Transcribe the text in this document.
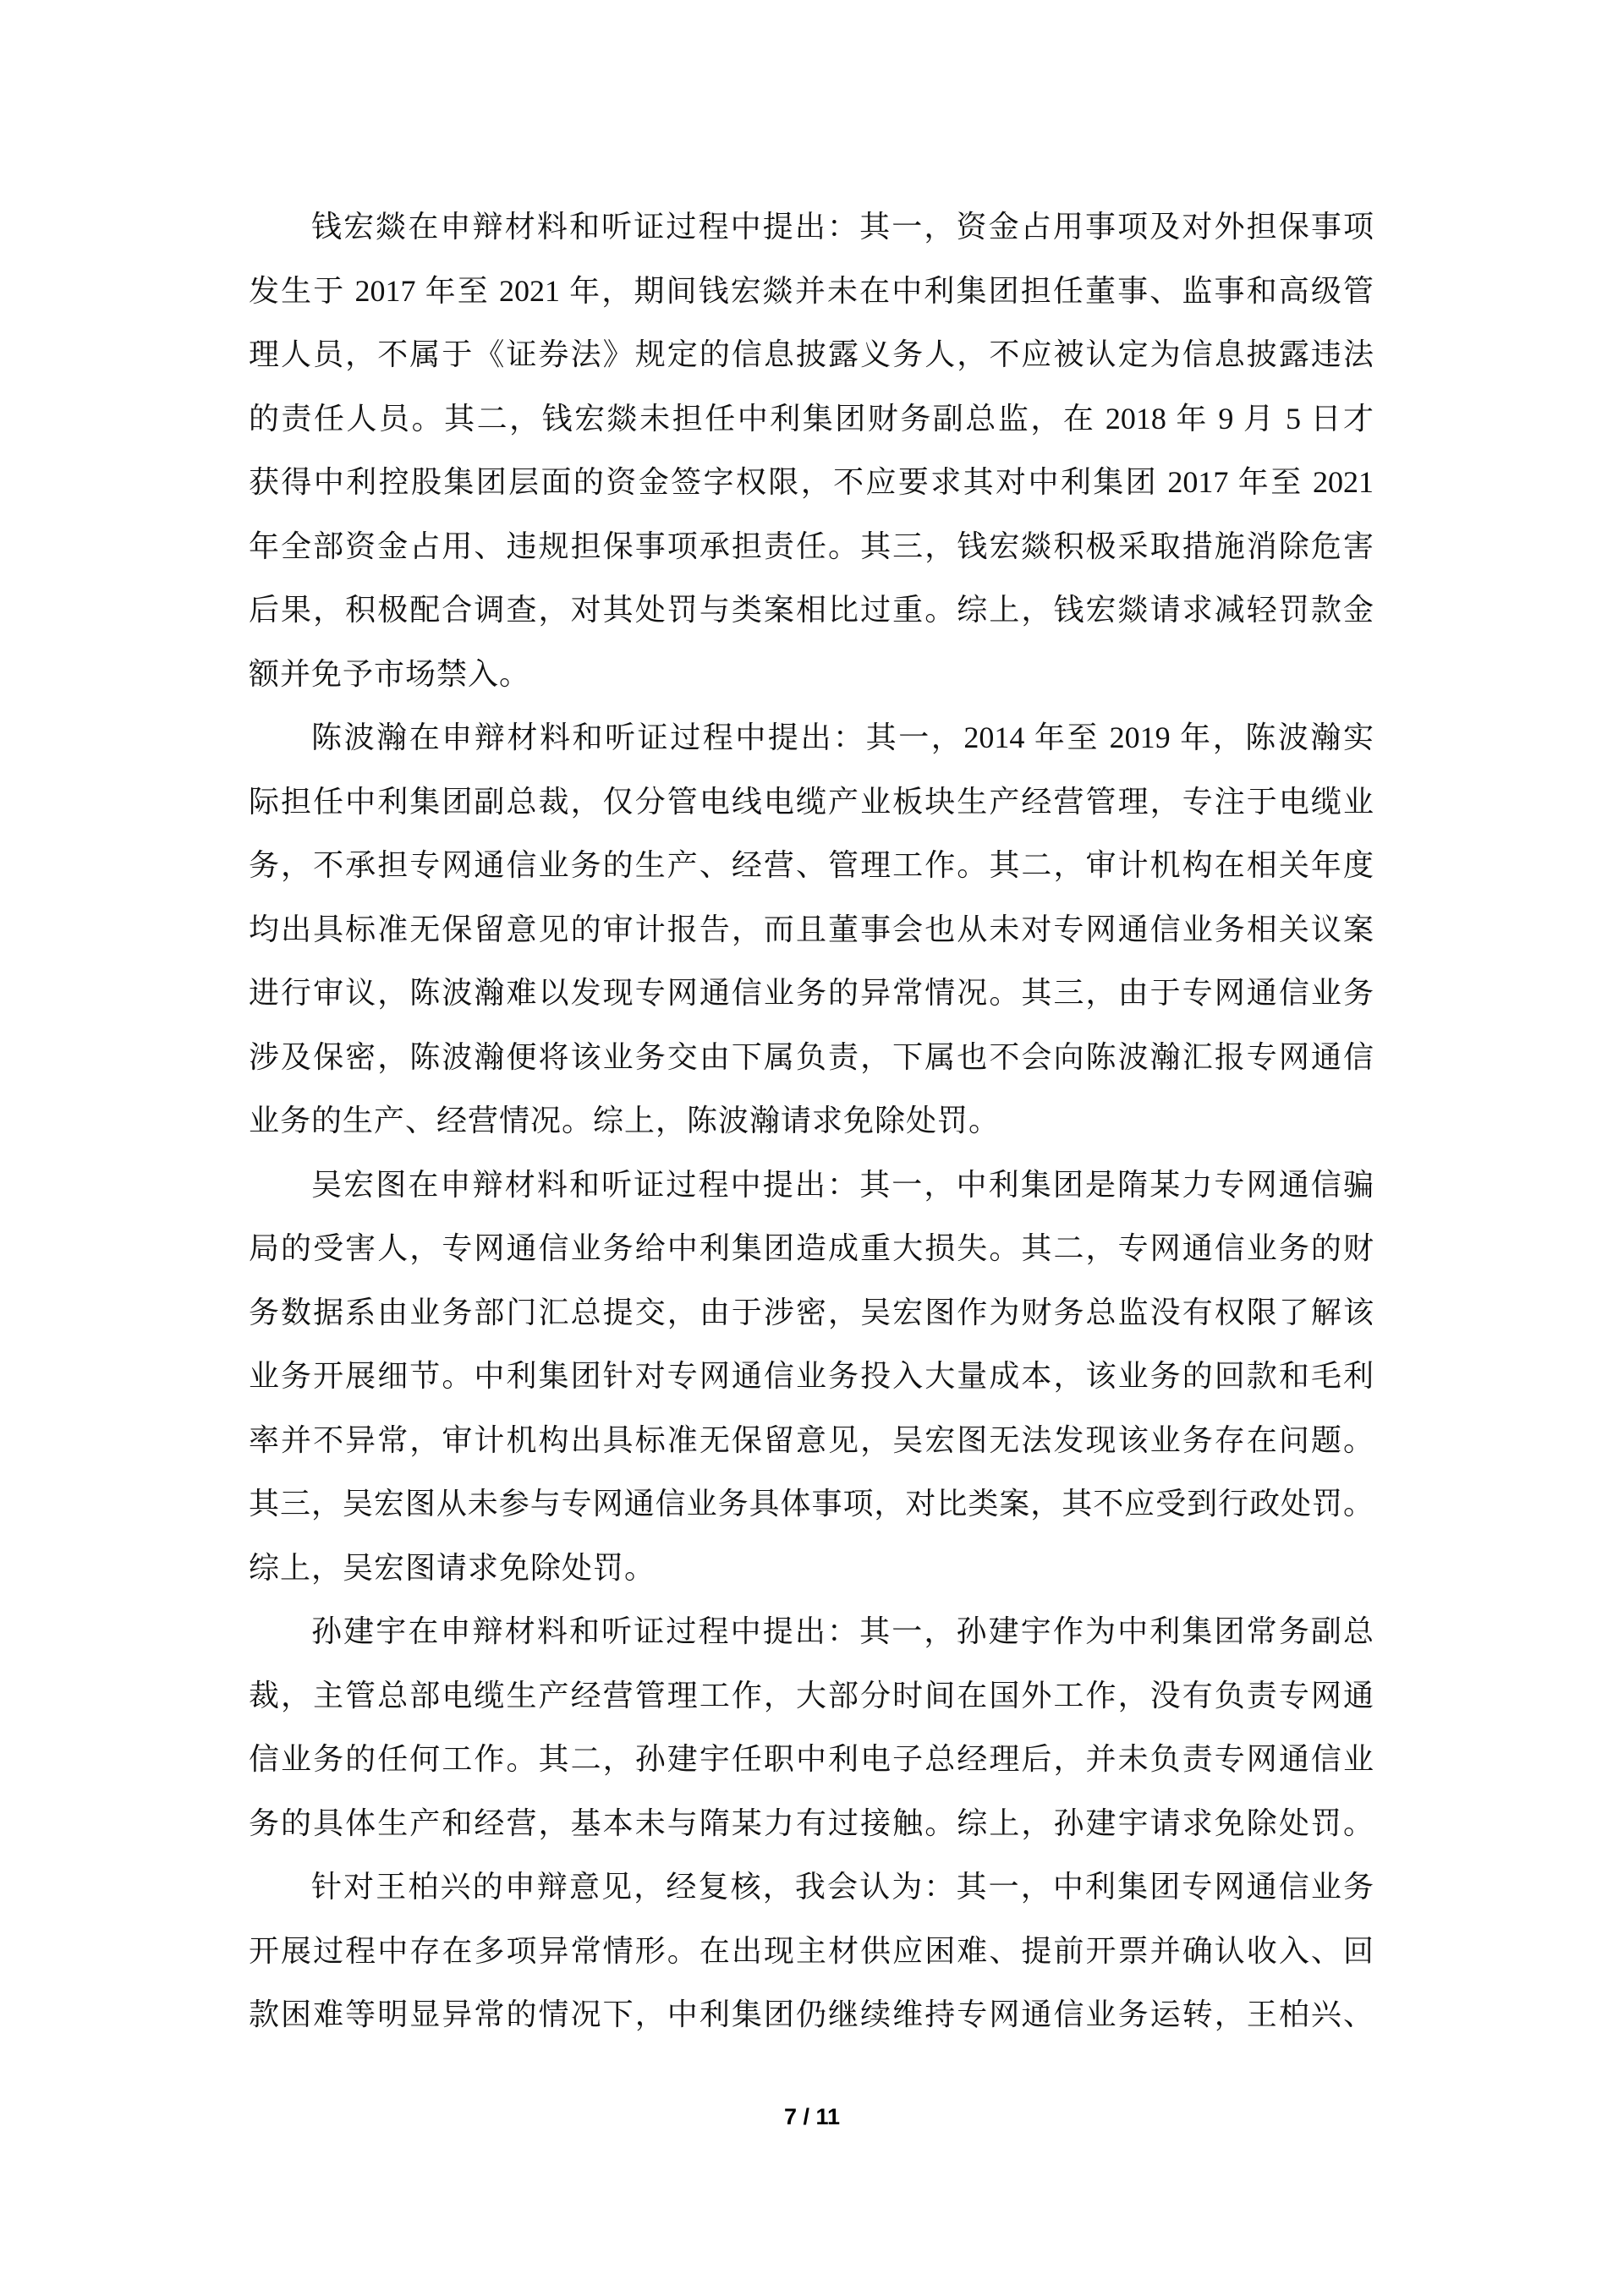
钱宏燚在申辩材料和听证过程中提出：其一，资金占用事项及对外担保事项
发生于 2017 年至 2021 年，期间钱宏燚并未在中利集团担任董事、监事和高级管
理人员，不属于《证券法》规定的信息披露义务人，不应被认定为信息披露违法
的责任人员。其二，钱宏燚未担任中利集团财务副总监，在 2018 年 9 月 5 日才
获得中利控股集团层面的资金签字权限，不应要求其对中利集团 2017 年至 2021
年全部资金占用、违规担保事项承担责任。其三，钱宏燚积极采取措施消除危害
后果，积极配合调查，对其处罚与类案相比过重。综上，钱宏燚请求减轻罚款金
额并免予市场禁入。
陈波瀚在申辩材料和听证过程中提出：其一，2014 年至 2019 年，陈波瀚实
际担任中利集团副总裁，仅分管电线电缆产业板块生产经营管理，专注于电缆业
务，不承担专网通信业务的生产、经营、管理工作。其二，审计机构在相关年度
均出具标准无保留意见的审计报告，而且董事会也从未对专网通信业务相关议案
进行审议，陈波瀚难以发现专网通信业务的异常情况。其三，由于专网通信业务
涉及保密，陈波瀚便将该业务交由下属负责，下属也不会向陈波瀚汇报专网通信
业务的生产、经营情况。综上，陈波瀚请求免除处罚。
吴宏图在申辩材料和听证过程中提出：其一，中利集团是隋某力专网通信骗
局的受害人，专网通信业务给中利集团造成重大损失。其二，专网通信业务的财
务数据系由业务部门汇总提交，由于涉密，吴宏图作为财务总监没有权限了解该
业务开展细节。中利集团针对专网通信业务投入大量成本，该业务的回款和毛利
率并不异常，审计机构出具标准无保留意见，吴宏图无法发现该业务存在问题。
其三，吴宏图从未参与专网通信业务具体事项，对比类案，其不应受到行政处罚。
综上，吴宏图请求免除处罚。
孙建宇在申辩材料和听证过程中提出：其一，孙建宇作为中利集团常务副总
裁，主管总部电缆生产经营管理工作，大部分时间在国外工作，没有负责专网通
信业务的任何工作。其二，孙建宇任职中利电子总经理后，并未负责专网通信业
务的具体生产和经营，基本未与隋某力有过接触。综上，孙建宇请求免除处罚。
针对王柏兴的申辩意见，经复核，我会认为：其一，中利集团专网通信业务
开展过程中存在多项异常情形。在出现主材供应困难、提前开票并确认收入、回
款困难等明显异常的情况下，中利集团仍继续维持专网通信业务运转，王柏兴、
7 / 11
